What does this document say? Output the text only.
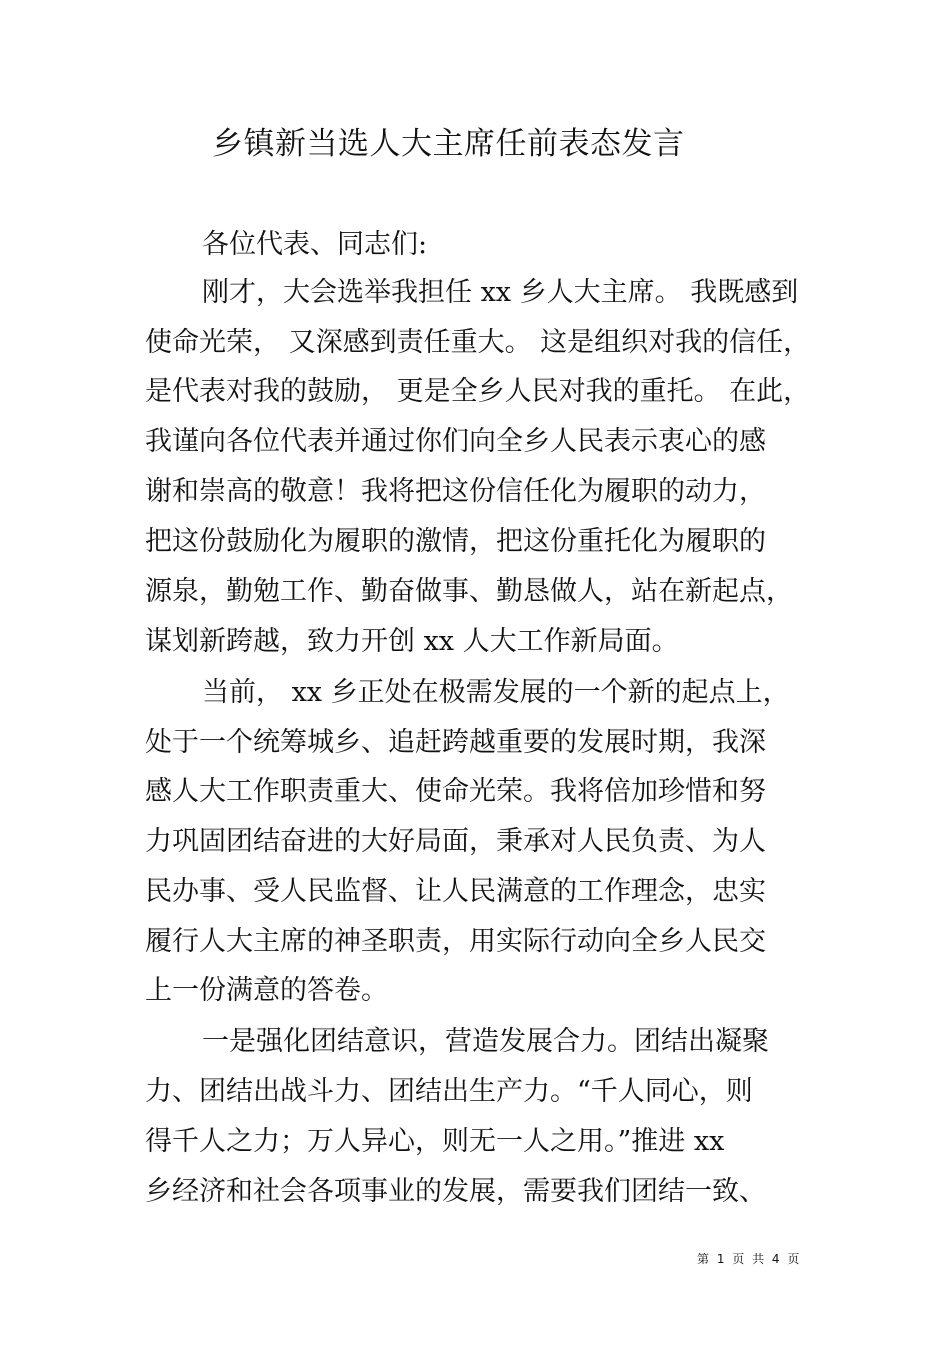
乡镇新当选人大主席任前表态发言
各位代表、同志们:
刚才，大会选举我担任 xx 乡人大主席。 我既感到
使命光荣， 又深感到责任重大。 这是组织对我的信任，
是代表对我的鼓励， 更是全乡人民对我的重托。 在此，
我谨向各位代表并通过你们向全乡人民表示衷心的感
谢和崇高的敬意！我将把这份信任化为履职的动力，
把这份鼓励化为履职的激情，把这份重托化为履职的
源泉，勤勉工作、勤奋做事、勤恳做人，站在新起点，
谋划新跨越，致力开创 xx 人大工作新局面。
当前， xx 乡正处在极需发展的一个新的起点上，
处于一个统筹城乡、追赶跨越重要的发展时期，我深
感人大工作职责重大、使命光荣。我将倍加珍惜和努
力巩固团结奋进的大好局面，秉承对人民负责、为人
民办事、受人民监督、让人民满意的工作理念，忠实
履行人大主席的神圣职责，用实际行动向全乡人民交
上一份满意的答卷。
一是强化团结意识，营造发展合力。团结出凝聚
力、团结出战斗力、团结出生产力。“千人同心，则
得千人之力；万人异心，则无一人之用。”推进 xx
乡经济和社会各项事业的发展，需要我们团结一致、
第 1 页 共 4 页
